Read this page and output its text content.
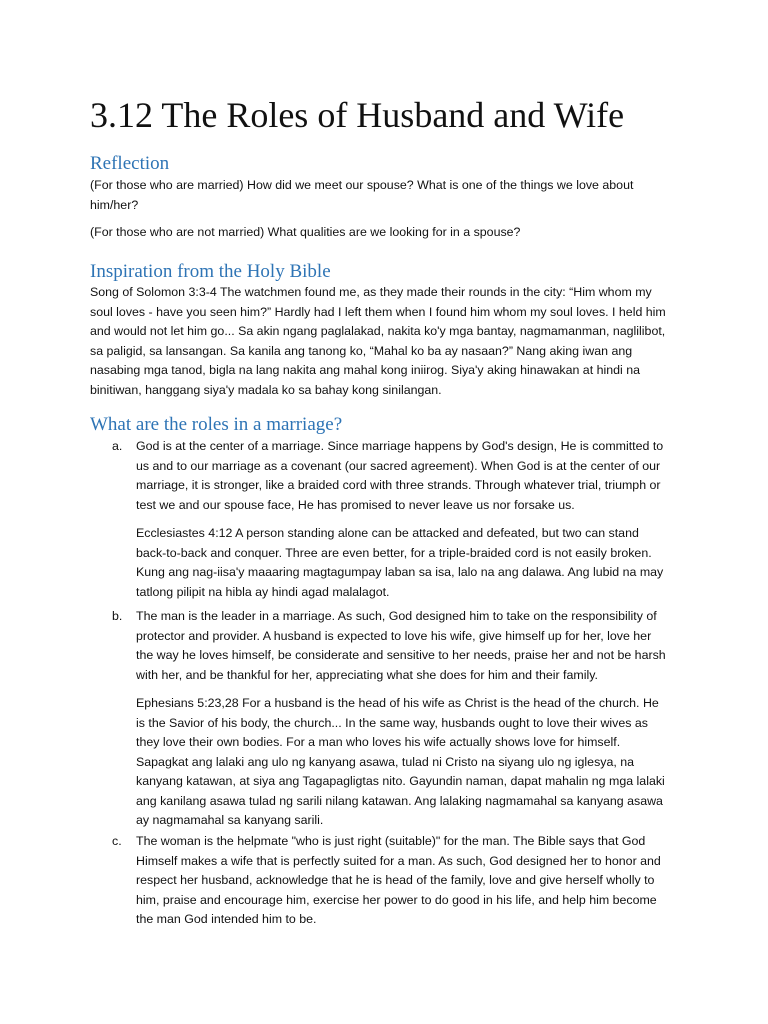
3.12 The Roles of Husband and Wife
Reflection

(For those who are married) How did we meet our spouse? What is one of the things we love about him/her?

(For those who are not married) What qualities are we looking for in a spouse?

Inspiration from the Holy Bible

Song of Solomon 3:3-4 The watchmen found me, as they made their rounds in the city: “Him whom my soul loves - have you seen him?” Hardly had I left them when I found him whom my soul loves. I held him and would not let him go... Sa akin ngang paglalakad, nakita ko'y mga bantay, nagmamanman, naglilibot, sa paligid, sa lansangan. Sa kanila ang tanong ko, “Mahal ko ba ay nasaan?” Nang aking iwan ang nasabing mga tanod, bigla na lang nakita ang mahal kong iniirog. Siya'y aking hinawakan at hindi na binitiwan, hanggang siya'y madala ko sa bahay kong sinilangan.

What are the roles in a marriage?
a. God is at the center of a marriage. Since marriage happens by God's design, He is committed to us and to our marriage as a covenant (our sacred agreement). When God is at the center of our marriage, it is stronger, like a braided cord with three strands. Through whatever trial, triumph or test we and our spouse face, He has promised to never leave us nor forsake us.

Ecclesiastes 4:12 A person standing alone can be attacked and defeated, but two can stand back-to-back and conquer. Three are even better, for a triple-braided cord is not easily broken. Kung ang nag-iisa'y maaaring magtagumpay laban sa isa, lalo na ang dalawa. Ang lubid na may tatlong pilipit na hibla ay hindi agad malalagot.

b. The man is the leader in a marriage. As such, God designed him to take on the responsibility of protector and provider. A husband is expected to love his wife, give himself up for her, love her the way he loves himself, be considerate and sensitive to her needs, praise her and not be harsh with her, and be thankful for her, appreciating what she does for him and their family.

Ephesians 5:23,28 For a husband is the head of his wife as Christ is the head of the church. He is the Savior of his body, the church... In the same way, husbands ought to love their wives as they love their own bodies. For a man who loves his wife actually shows love for himself. Sapagkat ang lalaki ang ulo ng kanyang asawa, tulad ni Cristo na siyang ulo ng iglesya, na kanyang katawan, at siya ang Tagapagligtas nito. Gayundin naman, dapat mahalin ng mga lalaki ang kanilang asawa tulad ng sarili nilang katawan. Ang lalaking nagmamahal sa kanyang asawa ay nagmamahal sa kanyang sarili.

c. The woman is the helpmate "who is just right (suitable)" for the man. The Bible says that God Himself makes a wife that is perfectly suited for a man. As such, God designed her to honor and respect her husband, acknowledge that he is head of the family, love and give herself wholly to him, praise and encourage him, exercise her power to do good in his life, and help him become the man God intended him to be.
